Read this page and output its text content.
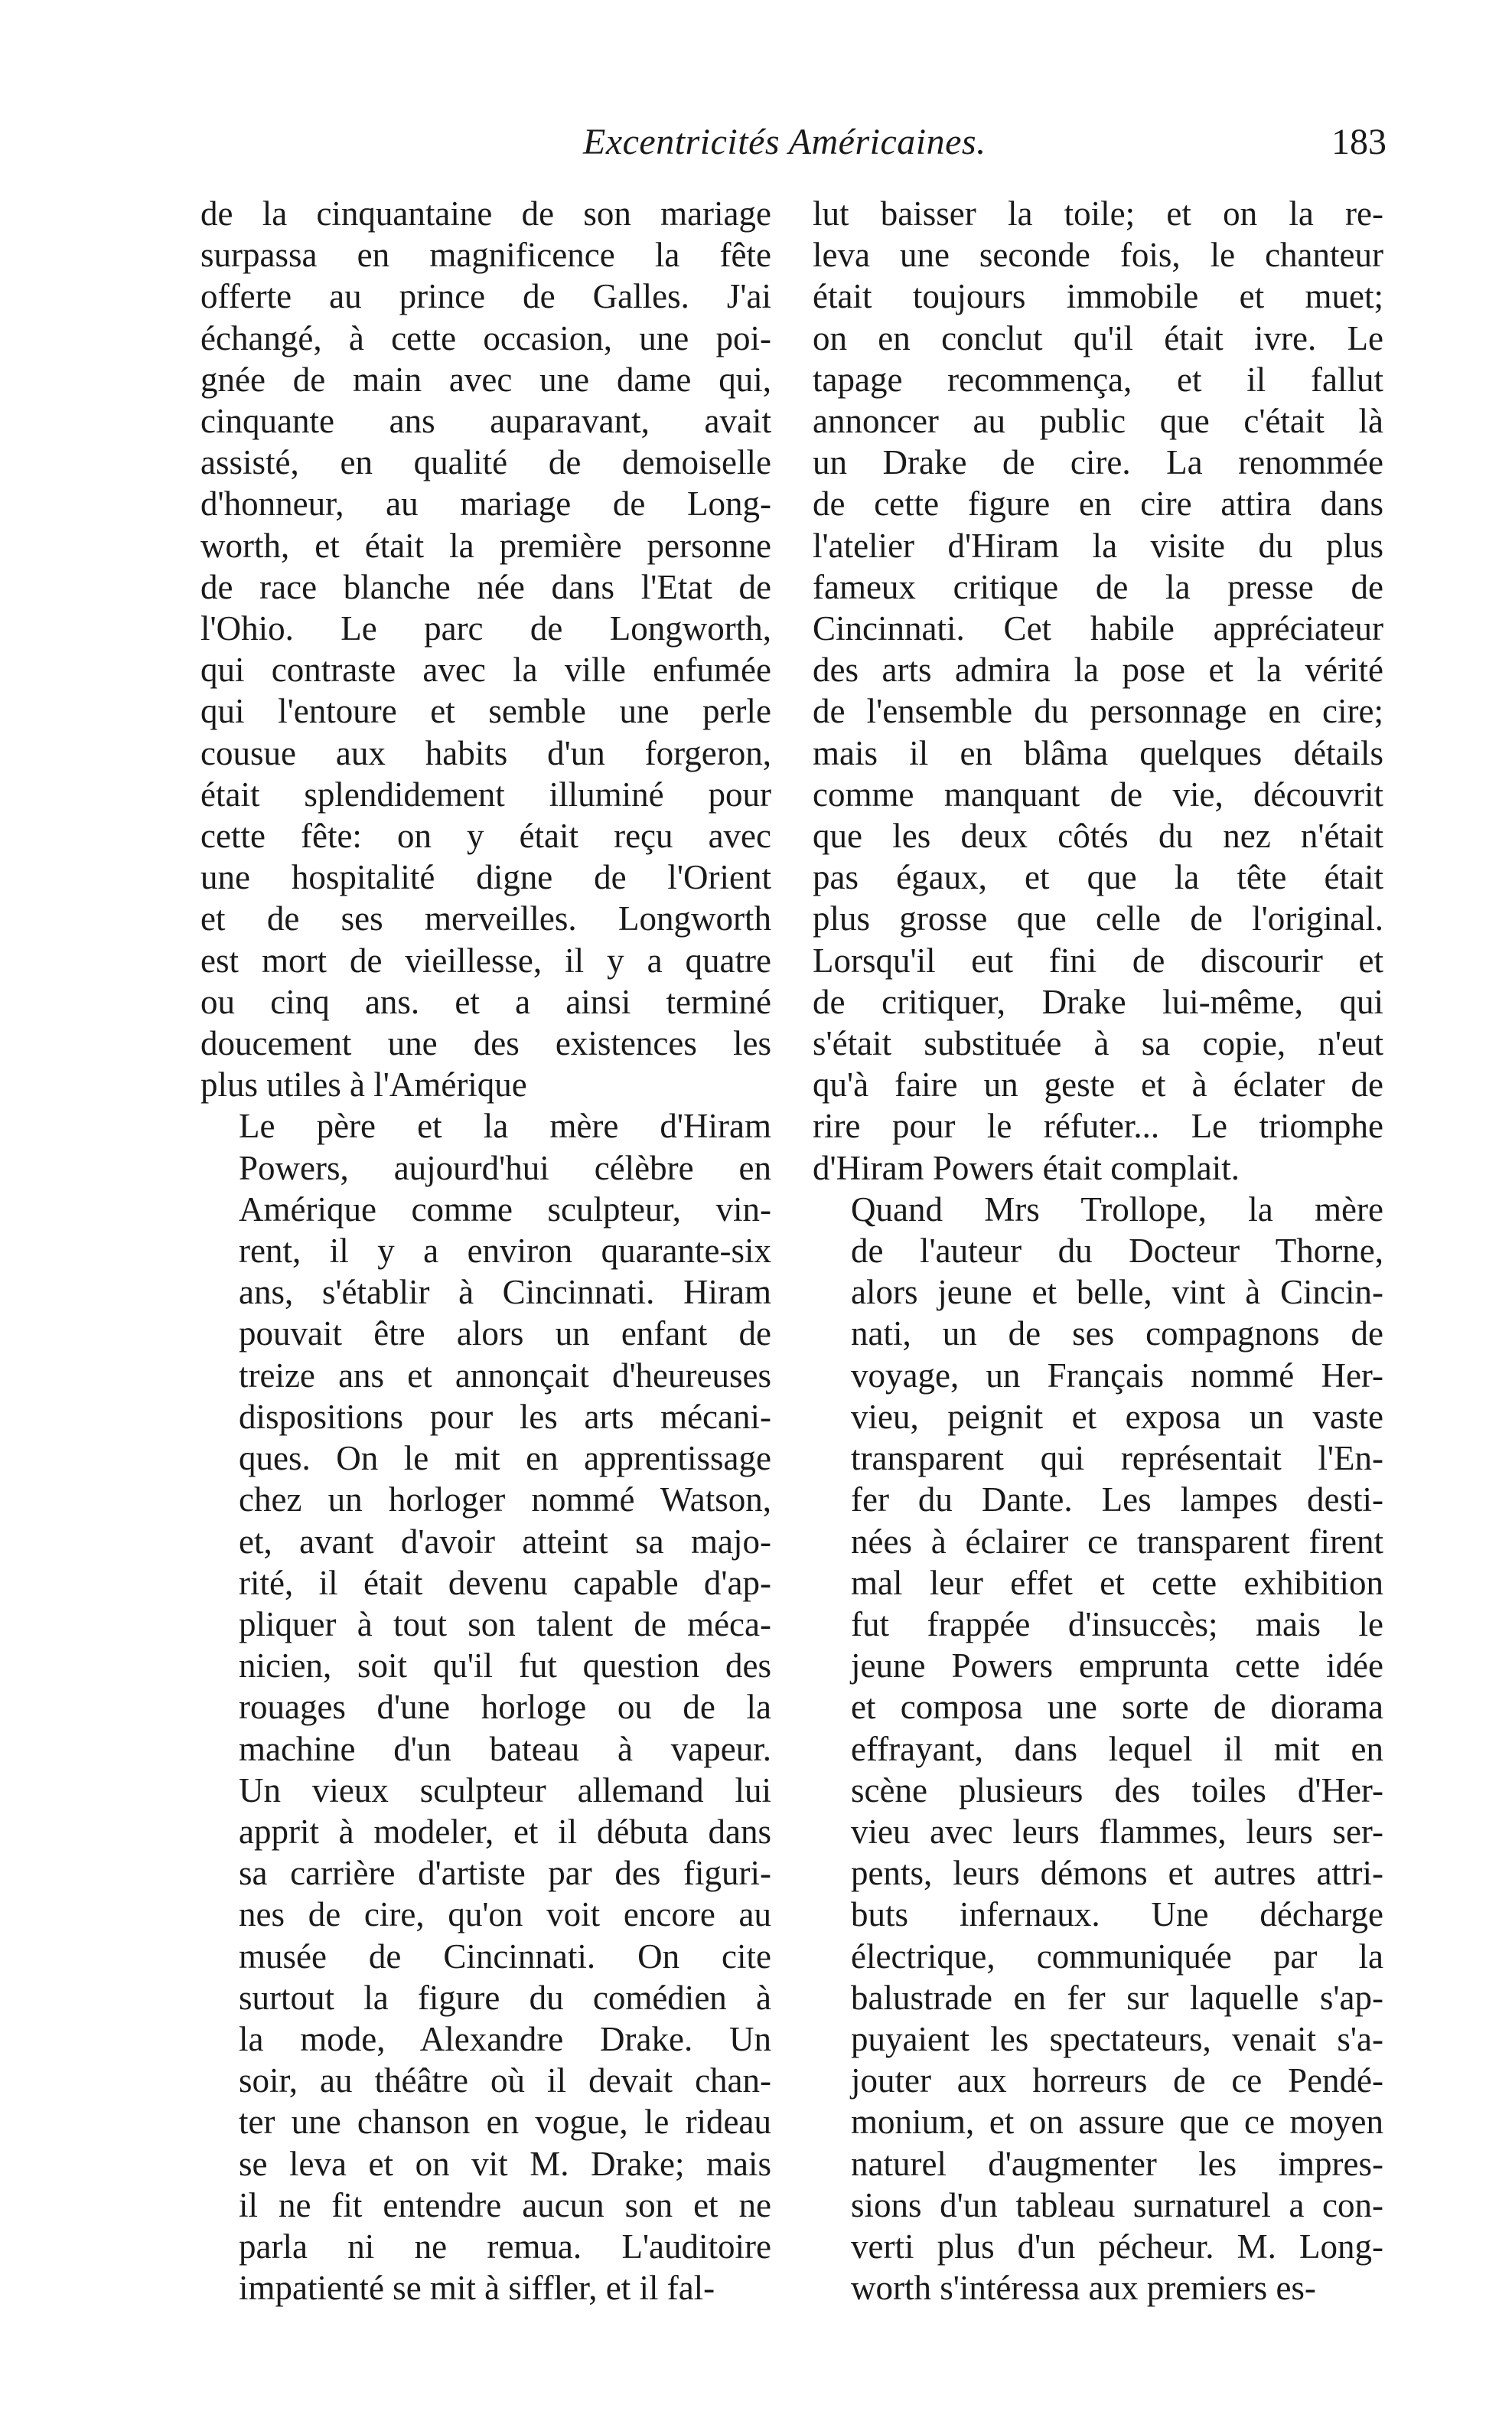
Excentricités Américaines.	183

de la cinquantaine de son mariage
surpassa en magnificence la fête
offerte au prince de Galles. J'ai
échangé, à cette occasion, une poi-
gnée de main avec une dame qui,
cinquante ans auparavant, avait
assisté, en qualité de demoiselle
d'honneur, au mariage de Long-
worth, et était la première personne
de race blanche née dans l'Etat de
l'Ohio. Le parc de Longworth,
qui contraste avec la ville enfumée
qui l'entoure et semble une perle
cousue aux habits d'un forgeron,
était splendidement illuminé pour
cette fête: on y était reçu avec
une hospitalité digne de l'Orient
et de ses merveilles. Longworth
est mort de vieillesse, il y a quatre
ou cinq ans. et a ainsi terminé
doucement une des existences les
plus utiles à l'Amérique

Le père et la mère d'Hiram
Powers, aujourd'hui célèbre en
Amérique comme sculpteur, vin-
rent, il y a environ quarante-six
ans, s'établir à Cincinnati. Hiram
pouvait être alors un enfant de
treize ans et annonçait d'heureuses
dispositions pour les arts mécani-
ques. On le mit en apprentissage
chez un horloger nommé Watson,
et, avant d'avoir atteint sa majo-
rité, il était devenu capable d'ap-
pliquer à tout son talent de méca-
nicien, soit qu'il fut question des
rouages d'une horloge ou de la
machine d'un bateau à vapeur.
Un vieux sculpteur allemand lui
apprit à modeler, et il débuta dans
sa carrière d'artiste par des figuri-
nes de cire, qu'on voit encore au
musée de Cincinnati. On cite
surtout la figure du comédien à
la mode, Alexandre Drake. Un
soir, au théâtre où il devait chan-
ter une chanson en vogue, le rideau
se leva et on vit M. Drake; mais
il ne fit entendre aucun son et ne
parla ni ne remua. L'auditoire
impatienté se mit à siffler, et il fal-

lut baisser la toile; et on la re-
leva une seconde fois, le chanteur
était toujours immobile et muet;
on en conclut qu'il était ivre. Le
tapage recommença, et il fallut
annoncer au public que c'était là
un Drake de cire. La renommée
de cette figure en cire attira dans
l'atelier d'Hiram la visite du plus
fameux critique de la presse de
Cincinnati. Cet habile appréciateur
des arts admira la pose et la vérité
de l'ensemble du personnage en cire;
mais il en blâma quelques détails
comme manquant de vie, découvrit
que les deux côtés du nez n'était
pas égaux, et que la tête était
plus grosse que celle de l'original.
Lorsqu'il eut fini de discourir et
de critiquer, Drake lui-même, qui
s'était substituée à sa copie, n'eut
qu'à faire un geste et à éclater de
rire pour le réfuter... Le triomphe
d'Hiram Powers était complait.

Quand Mrs Trollope, la mère
de l'auteur du Docteur Thorne,
alors jeune et belle, vint à Cincin-
nati, un de ses compagnons de
voyage, un Français nommé Her-
vieu, peignit et exposa un vaste
transparent qui représentait l'En-
fer du Dante. Les lampes desti-
nées à éclairer ce transparent firent
mal leur effet et cette exhibition
fut frappée d'insuccès; mais le
jeune Powers emprunta cette idée
et composa une sorte de diorama
effrayant, dans lequel il mit en
scène plusieurs des toiles d'Her-
vieu avec leurs flammes, leurs ser-
pents, leurs démons et autres attri-
buts infernaux. Une décharge
électrique, communiquée par la
balustrade en fer sur laquelle s'ap-
puyaient les spectateurs, venait s'a-
jouter aux horreurs de ce Pendé-
monium, et on assure que ce moyen
naturel d'augmenter les impres-
sions d'un tableau surnaturel a con-
verti plus d'un pécheur. M. Long-
worth s'intéressa aux premiers es-
